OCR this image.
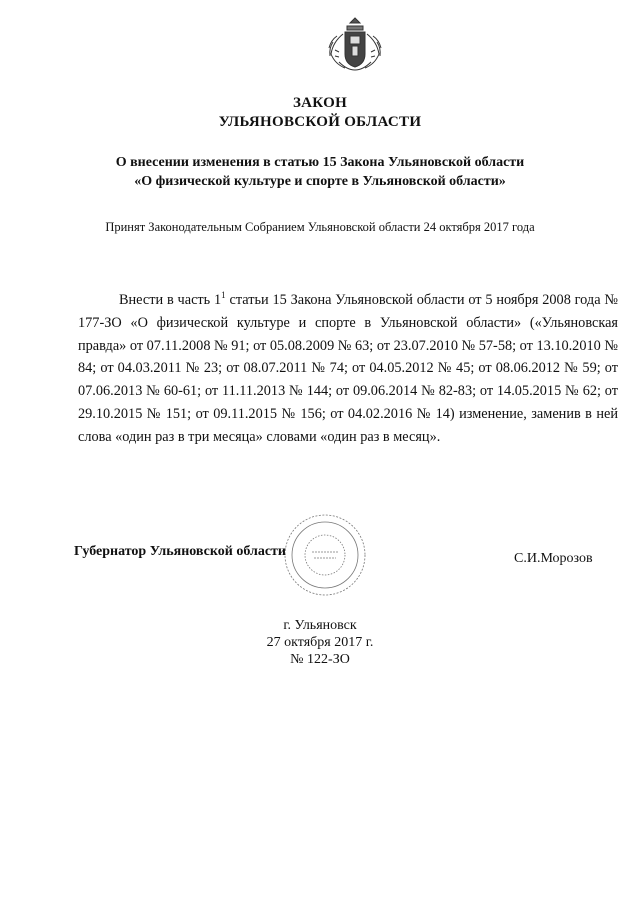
ЗАКОН
УЛЬЯНОВСКОЙ ОБЛАСТИ
О внесении изменения в статью 15 Закона Ульяновской области
«О физической культуре и спорте в Ульяновской области»
Принят Законодательным Собранием Ульяновской области 24 октября 2017 года
Внести в часть $1^1$ статьи 15 Закона Ульяновской области от 5 ноября 2008 года № 177-ЗО «О физической культуре и спорте в Ульяновской области» («Ульяновская правда» от 07.11.2008 № 91; от 05.08.2009 № 63; от 23.07.2010 № 57-58; от 13.10.2010 № 84; от 04.03.2011 № 23; от 08.07.2011 № 74; от 04.05.2012 № 45; от 08.06.2012 № 59; от 07.06.2013 № 60-61; от 11.11.2013 № 144; от 09.06.2014 № 82-83; от 14.05.2015 № 62; от 29.10.2015 № 151; от 09.11.2015 № 156; от 04.02.2016 № 14) изменение, заменив в ней слова «один раз в три месяца» словами «один раз в месяц».
Губернатор Ульяновской области	С.И.Морозов
г. Ульяновск
27 октября 2017 г.
№ 122-ЗО
